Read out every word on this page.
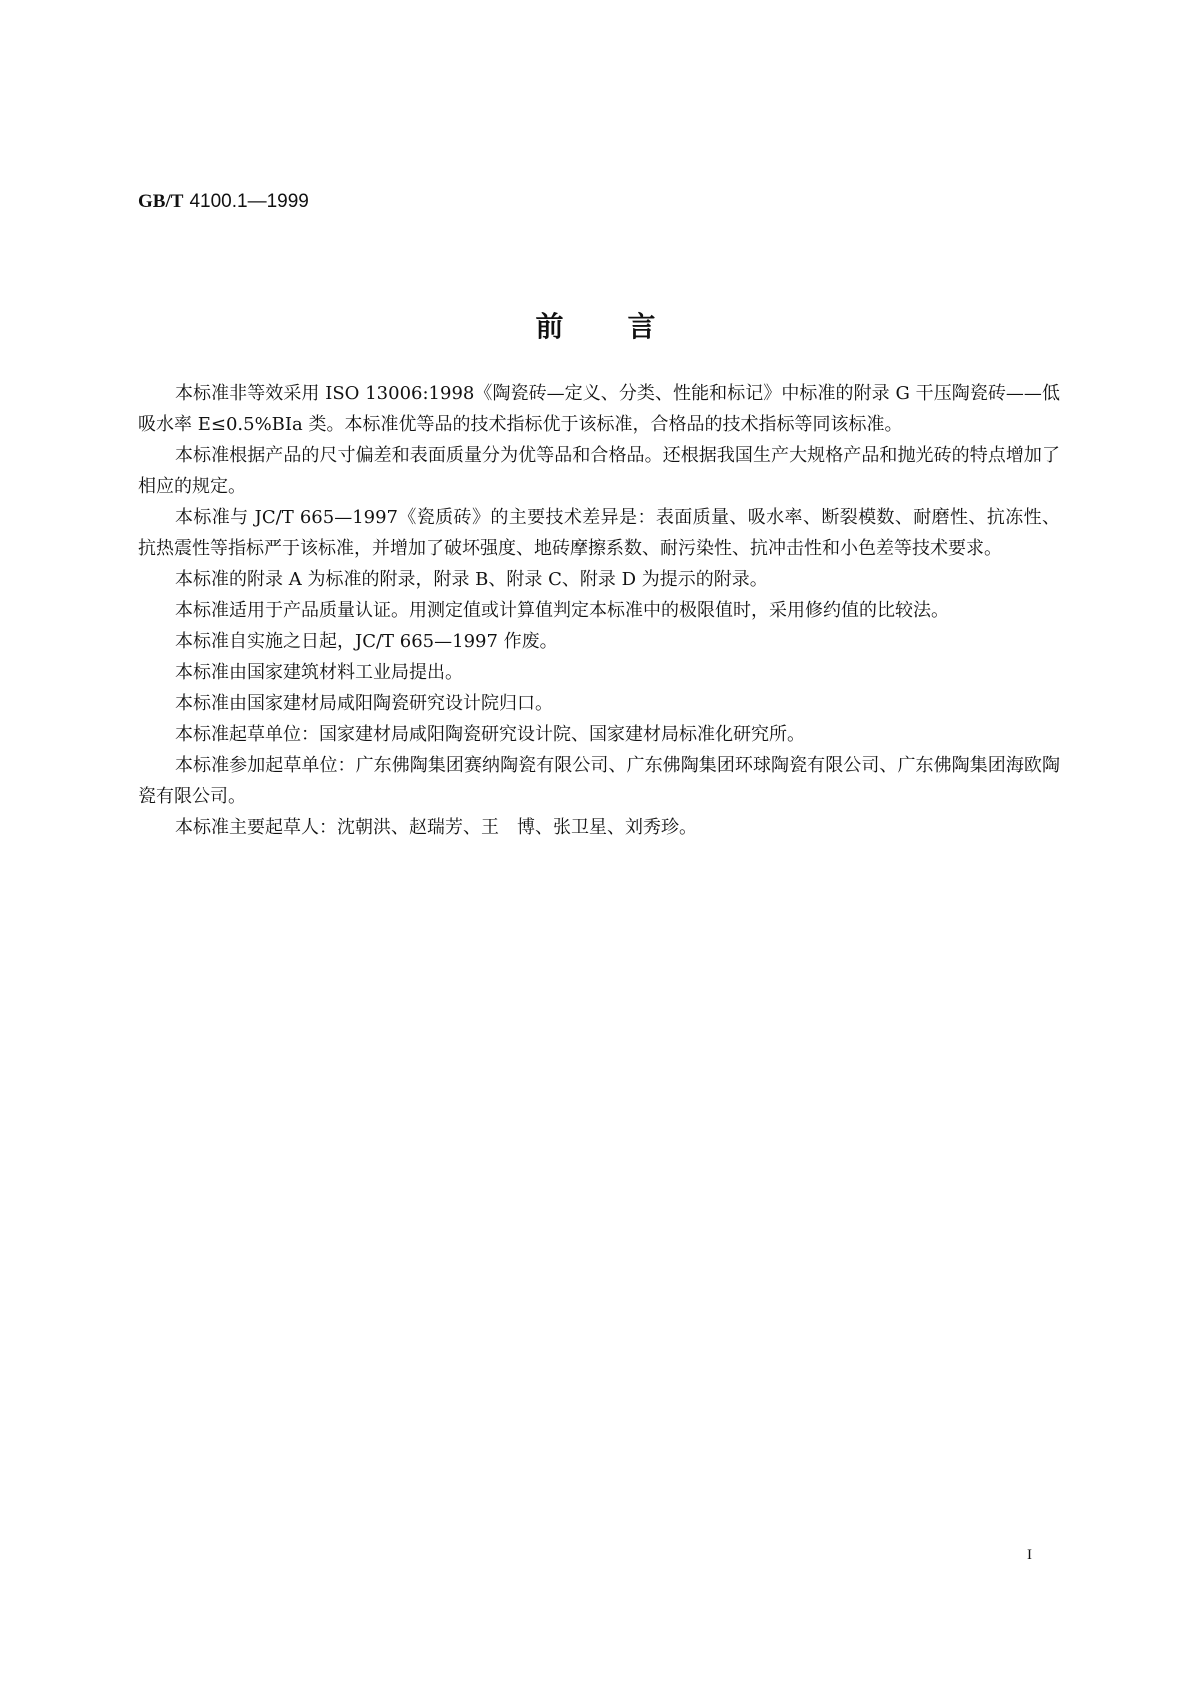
GB/T 4100.1—1999
前言

本标准非等效采用 ISO 13006:1998《陶瓷砖—定义、分类、性能和标记》中标准的附录 G 干压陶瓷砖——低吸水率 E≤0.5%BⅠa 类。本标准优等品的技术指标优于该标准，合格品的技术指标等同该标准。

本标准根据产品的尺寸偏差和表面质量分为优等品和合格品。还根据我国生产大规格产品和抛光砖的特点增加了相应的规定。

本标准与 JC/T 665—1997《瓷质砖》的主要技术差异是：表面质量、吸水率、断裂模数、耐磨性、抗冻性、抗热震性等指标严于该标准，并增加了破坏强度、地砖摩擦系数、耐污染性、抗冲击性和小色差等技术要求。

本标准的附录 A 为标准的附录，附录 B、附录 C、附录 D 为提示的附录。

本标准适用于产品质量认证。用测定值或计算值判定本标准中的极限值时，采用修约值的比较法。

本标准自实施之日起，JC/T 665—1997 作废。

本标准由国家建筑材料工业局提出。

本标准由国家建材局咸阳陶瓷研究设计院归口。

本标准起草单位：国家建材局咸阳陶瓷研究设计院、国家建材局标准化研究所。

本标准参加起草单位：广东佛陶集团赛纳陶瓷有限公司、广东佛陶集团环球陶瓷有限公司、广东佛陶集团海欧陶瓷有限公司。

本标准主要起草人：沈朝洪、赵瑞芳、王　博、张卫星、刘秀珍。

I
